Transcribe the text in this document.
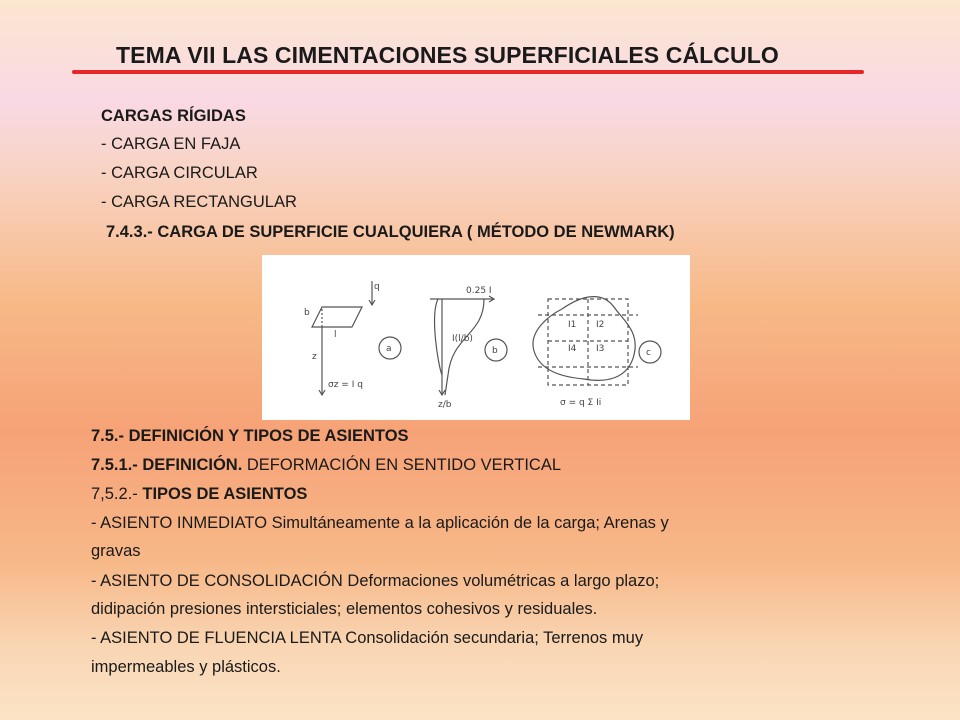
TEMA VII LAS CIMENTACIONES SUPERFICIALES CÁLCULO
CARGAS RÍGIDAS
- CARGA EN FAJA
- CARGA CIRCULAR
- CARGA RECTANGULAR
7.4.3.- CARGA DE SUPERFICIE CUALQUIERA ( MÉTODO DE NEWMARK)
q
b
l
z
σz = I q
a
0.25 I
I(l/b)
z/b
b
I1 I2
I3
I4
σ = q Σ Ii
c
7.5.- DEFINICIÓN Y TIPOS DE ASIENTOS
7.5.1.- DEFINICIÓN. DEFORMACIÓN EN SENTIDO VERTICAL
7,5.2.- TIPOS DE ASIENTOS
- ASIENTO INMEDIATO Simultáneamente a la aplicación de la carga; Arenas y
gravas
- ASIENTO DE CONSOLIDACIÓN Deformaciones volumétricas a largo plazo;
didipación presiones intersticiales; elementos cohesivos y residuales.
- ASIENTO DE FLUENCIA LENTA Consolidación secundaria; Terrenos muy
impermeables y plásticos.
